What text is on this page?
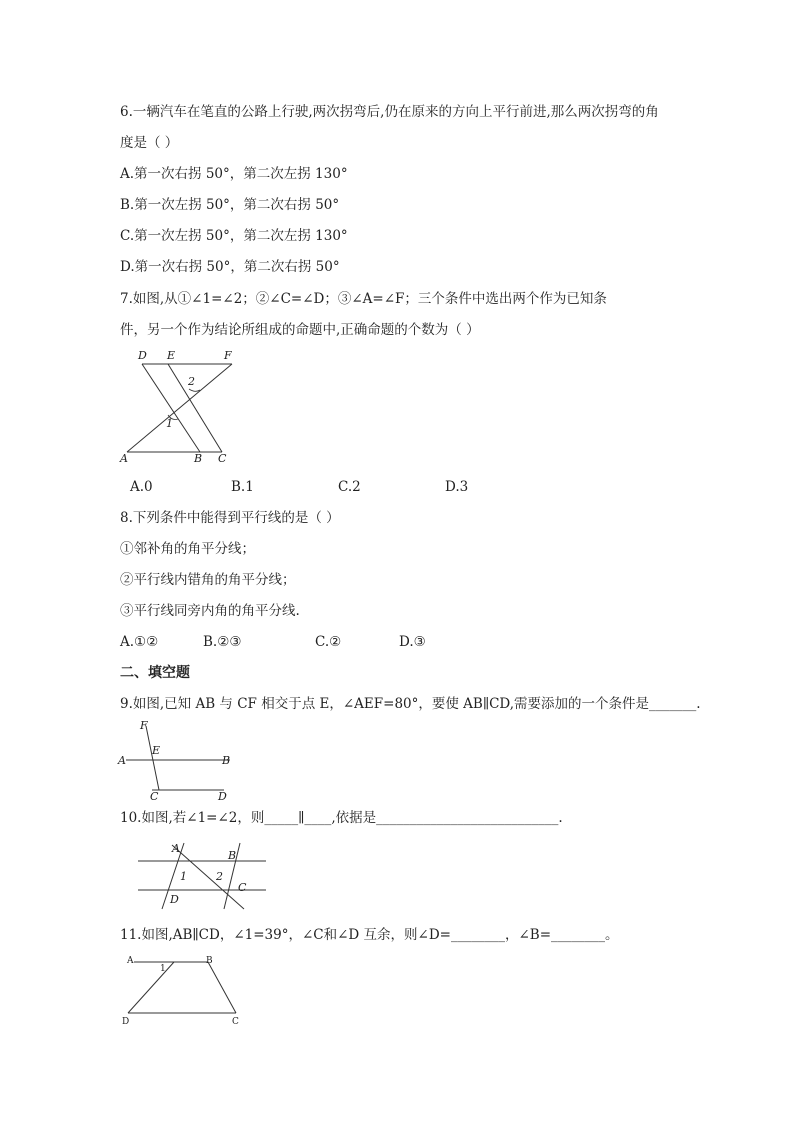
6.一辆汽车在笔直的公路上行驶,两次拐弯后,仍在原来的方向上平行前进,那么两次拐弯的角
度是（ ）
A.第一次右拐 50°，第二次左拐 130°
B.第一次左拐 50°，第二次右拐 50°
C.第一次左拐 50°，第二次左拐 130°
D.第一次右拐 50°，第二次右拐 50°
7.如图,从①∠1=∠2；②∠C=∠D；③∠A=∠F；三个条件中选出两个作为已知条
件，另一个作为结论所组成的命题中,正确命题的个数为（ ）
D E	F
2
1
A	B C
A.0	B.1	C.2	D.3
8.下列条件中能得到平行线的是（ ）
①邻补角的角平分线；
②平行线内错角的角平分线；
③平行线同旁内角的角平分线.
A.①②	B.②③	C.②	D.③
二、填空题
9.如图,已知 AB 与 CF 相交于点 E，∠AEF=80°，要使 AB∥CD,需要添加的一个条件是_______.
F
E
A	B
C	D
10.如图,若∠1=∠2，则_____∥____,依据是___________________________.
A
B
1	2
C
D
11.如图,AB∥CD，∠1=39°，∠C和∠D 互余，则∠D=________，∠B=________。
A
1
B
D	C
